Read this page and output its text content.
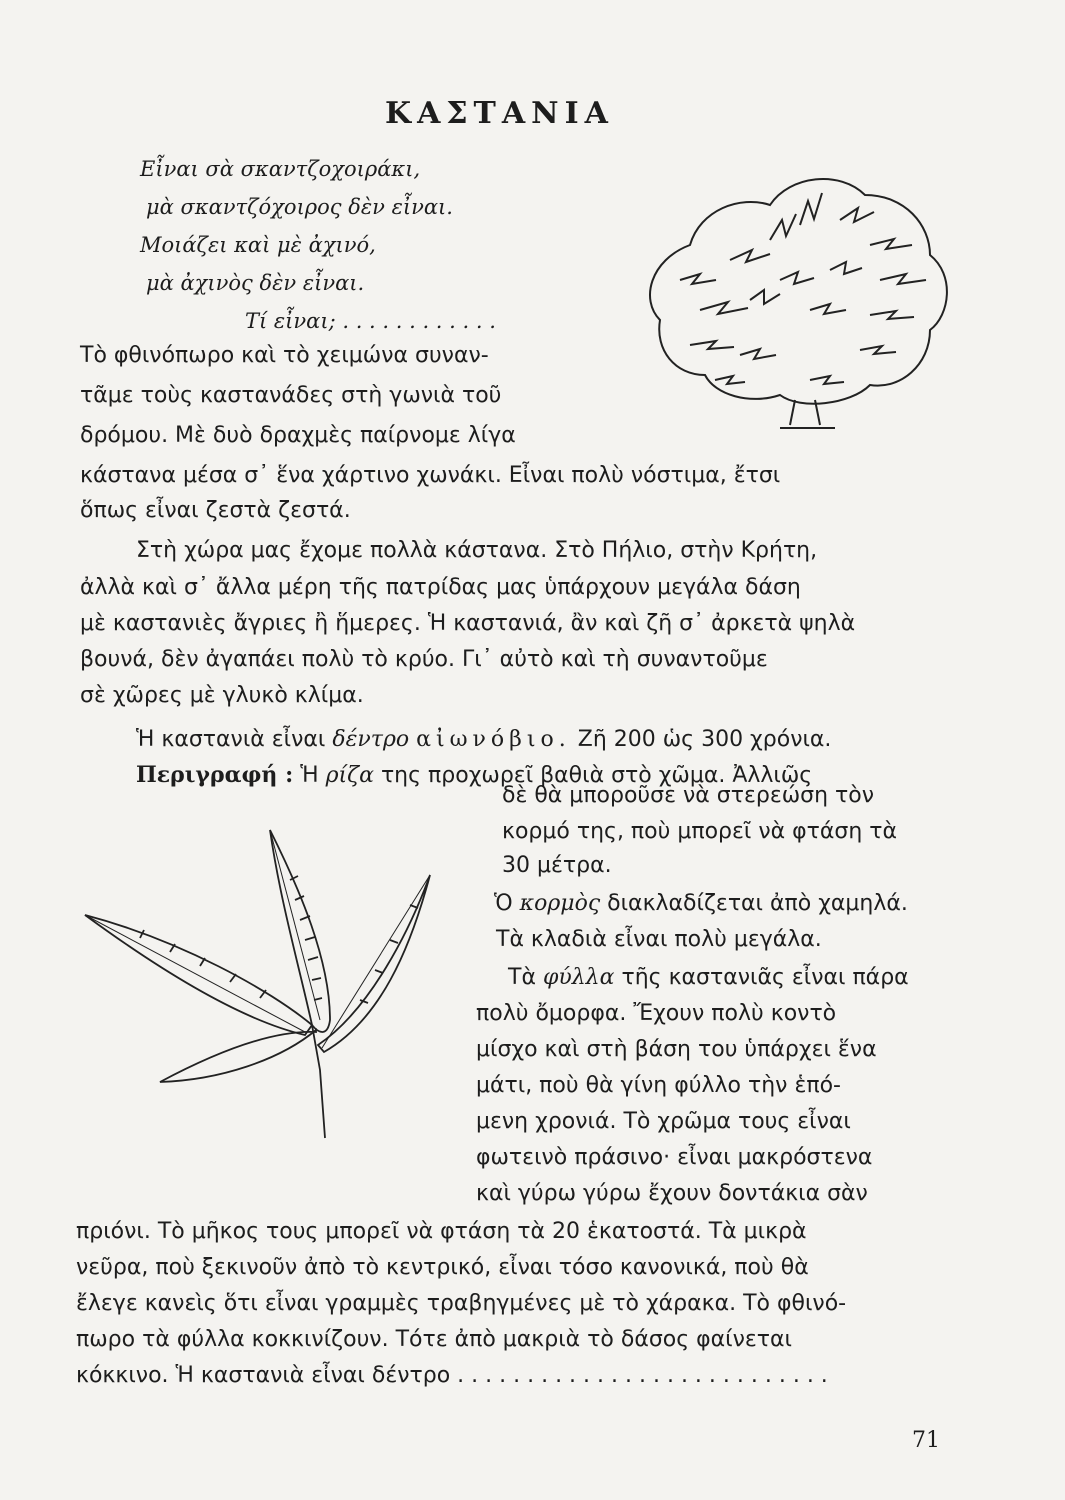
ΚΑΣΤΑΝΙΑ
Εἶναι σὰ σκαντζοχοιράκι,
μὰ σκαντζόχοιρος δὲν εἶναι.
Μοιάζει καὶ μὲ ἀχινό,
μὰ ἀχινὸς δὲν εἶναι.
Τί εἶναι; . . . . . . . . . . . .
Τὸ φθινόπωρο καὶ τὸ χειμώνα συναν-
τᾶμε τοὺς καστανάδες στὴ γωνιὰ τοῦ
δρόμου. Μὲ δυὸ δραχμὲς παίρνομε λίγα
κάστανα μέσα σ᾽ ἕνα χάρτινο χωνάκι. Εἶναι πολὺ νόστιμα, ἔτσι
ὅπως εἶναι ζεστὰ ζεστά.
Στὴ χώρα μας ἔχομε πολλὰ κάστανα. Στὸ Πήλιο, στὴν Κρήτη,
ἀλλὰ καὶ σ᾽ ἄλλα μέρη τῆς πατρίδας μας ὑπάρχουν μεγάλα δάση
μὲ καστανιὲς ἄγριες ἢ ἥμερες. Ἡ καστανιά, ἂν καὶ ζῆ σ᾽ ἀρκετὰ ψηλὰ
βουνά, δὲν ἀγαπάει πολὺ τὸ κρύο. Γι᾽ αὐτὸ καὶ τὴ συναντοῦμε
σὲ χῶρες μὲ γλυκὸ κλίμα.
Ἡ καστανιὰ εἶναι δέντρο αἰωνόβιο. Ζῆ 200 ὡς 300 χρόνια.
Περιγραφή : Ἡ ρίζα της προχωρεῖ βαθιὰ στὸ χῶμα. Ἀλλιῶς
δὲ θὰ μποροῦσε νὰ στερεώση τὸν
κορμό της, ποὺ μπορεῖ νὰ φτάση τὰ
30 μέτρα.
Ὁ κορμὸς διακλαδίζεται ἀπὸ χαμηλά.
Τὰ κλαδιὰ εἶναι πολὺ μεγάλα.
Τὰ φύλλα τῆς καστανιᾶς εἶναι πάρα
πολὺ ὄμορφα. Ἔχουν πολὺ κοντὸ
μίσχο καὶ στὴ βάση του ὑπάρχει ἕνα
μάτι, ποὺ θὰ γίνη φύλλο τὴν ἑπό-
μενη χρονιά. Τὸ χρῶμα τους εἶναι
φωτεινὸ πράσινο· εἶναι μακρόστενα
καὶ γύρω γύρω ἔχουν δοντάκια σὰν
πριόνι. Τὸ μῆκος τους μπορεῖ νὰ φτάση τὰ 20 ἑκατοστά. Τὰ μικρὰ
νεῦρα, ποὺ ξεκινοῦν ἀπὸ τὸ κεντρικό, εἶναι τόσο κανονικά, ποὺ θὰ
ἔλεγε κανεὶς ὅτι εἶναι γραμμὲς τραβηγμένες μὲ τὸ χάρακα. Τὸ φθινό-
πωρο τὰ φύλλα κοκκινίζουν. Τότε ἀπὸ μακριὰ τὸ δάσος φαίνεται
κόκκινο. Ἡ καστανιὰ εἶναι δέντρο . . . . . . . . . . . . . . . . . . . . . . . . . . .
71
